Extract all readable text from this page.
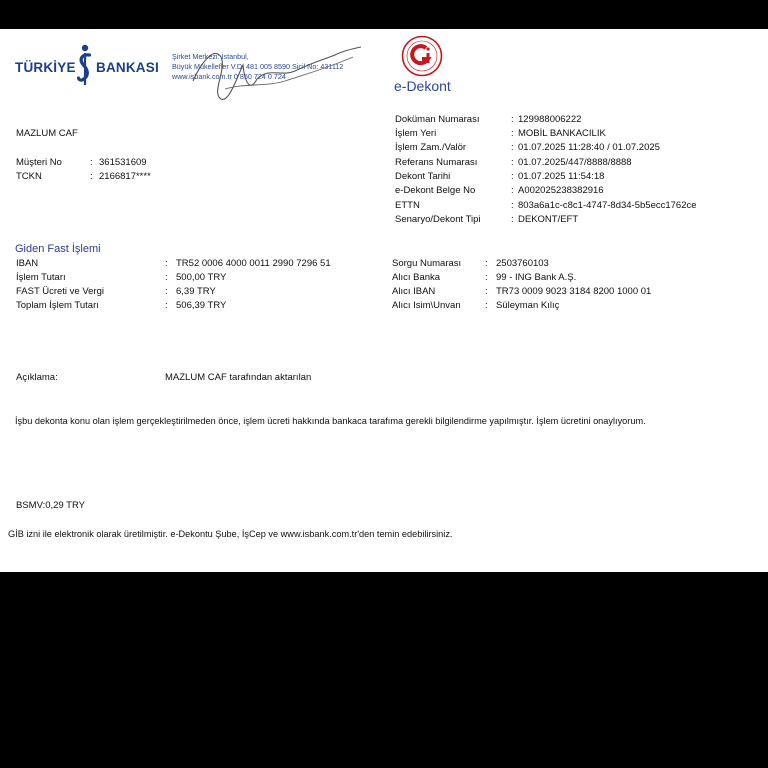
TÜRKİYE BANKASI
Şirket Merkezi: İstanbul,
Büyük Mükellefler V.D. 481 005 8590 Sicil No: 431112
www.isbank.com.tr 0 850 724 0 724
e-Dekont
MAZLUM CAF
Müşteri No	: 361531609
TCKN	: 2166817****
Doküman Numarası	: 129988006222
İşlem Yeri	: MOBİL BANKACILIK
İşlem Zam./Valör	: 01.07.2025 11:28:40 / 01.07.2025
Referans Numarası	: 01.07.2025/447/8888/8888
Dekont Tarihi	: 01.07.2025 11:54:18
e-Dekont Belge No	: A002025238382916
ETTN	: 803a6a1c-c8c1-4747-8d34-5b5ecc1762ce
Senaryo/Dekont Tipi	: DEKONT/EFT
Giden Fast İşlemi
IBAN	: TR52 0006 4000 0011 2990 7296 51
İşlem Tutarı	: 500,00 TRY
FAST Ücreti ve Vergi	: 6,39 TRY
Toplam İşlem Tutarı	: 506,39 TRY
Sorgu Numarası	: 2503760103
Alıcı Banka	: 99 - ING Bank A.Ş.
Alıcı IBAN	: TR73 0009 9023 3184 8200 1000 01
Alıcı Isim\Unvan	: Süleyman Kılıç
Açıklama:	MAZLUM CAF tarafından aktarılan
İşbu dekonta konu olan işlem gerçekleştirilmeden önce, işlem ücreti hakkında bankaca tarafıma gerekli bilgilendirme yapılmıştır. İşlem ücretini onaylıyorum.
BSMV:0,29 TRY
GİB izni ile elektronik olarak üretilmiştir. e-Dekontu Şube, İşCep ve www.isbank.com.tr'den temin edebilirsiniz.
